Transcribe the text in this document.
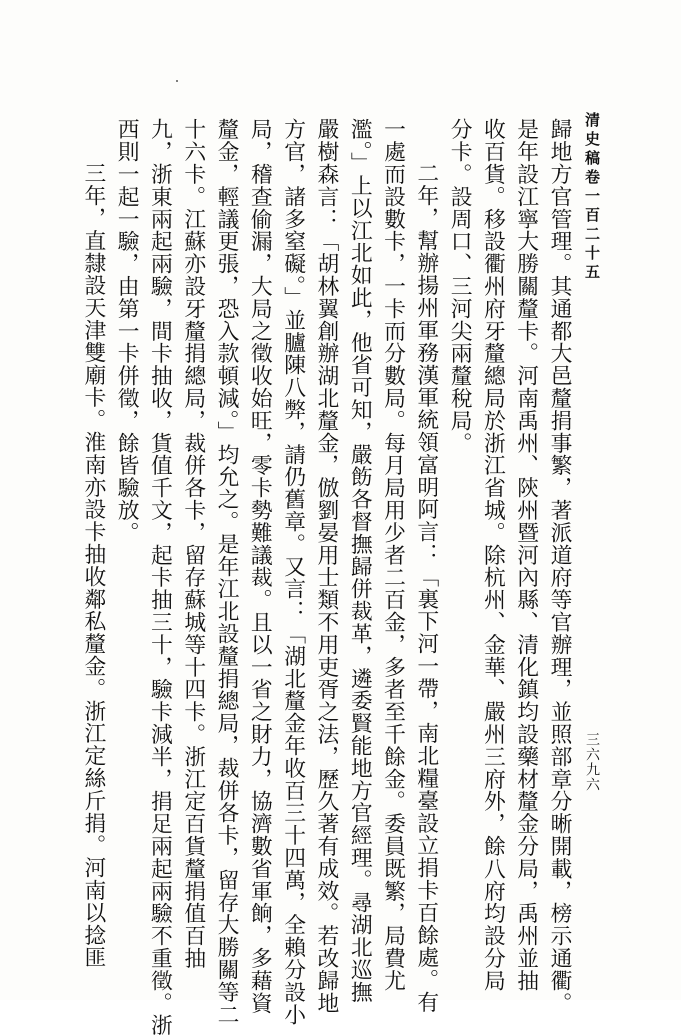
清史稿卷一百二十五
三六九六
歸地方官管理。其通都大邑釐捐事繁，著派道府等官辦理，並照部章分晰開載，榜示通衢。
是年設江寧大勝關釐卡。河南禹州、陝州暨河內縣、清化鎮均設藥材釐金分局，禹州並抽
收百貨。移設衢州府牙釐總局於浙江省城。除杭州、金華、嚴州三府外，餘八府均設分局
分卡。設周口、三河尖兩釐稅局。
二年，幫辦揚州軍務漢軍統領富明阿言：「裏下河一帶，南北糧臺設立捐卡百餘處。有
一處而設數卡，一卡而分數局。每月局用少者二百金，多者至千餘金。委員既繁，局費尤
濫。」上以江北如此，他省可知，嚴飭各督撫歸併裁革，遴委賢能地方官經理。尋湖北巡撫
嚴樹森言：「胡林翼創辦湖北釐金，倣劉晏用士類不用吏胥之法，歷久著有成效。若改歸地
方官，諸多窒礙。」並臚陳八弊，請仍舊章。又言：「湖北釐金年收百三十四萬，全賴分設小
局，稽查偷漏，大局之徵收始旺，零卡勢難議裁。且以一省之財力，協濟數省軍餉，多藉資
釐金，輕議更張，恐入款頓減。」均允之。是年江北設釐捐總局，裁併各卡，留存大勝關等二
十六卡。江蘇亦設牙釐捐總局，裁併各卡，留存蘇城等十四卡。浙江定百貨釐捐值百抽
九，浙東兩起兩驗，間卡抽收，貨值千文，起卡抽三十，驗卡減半，捐足兩起兩驗不重徵。浙
西則一起一驗，由第一卡併徵，餘皆驗放。
三年，直隸設天津雙廟卡。淮南亦設卡抽收鄰私釐金。浙江定絲斤捐。河南以捻匪
